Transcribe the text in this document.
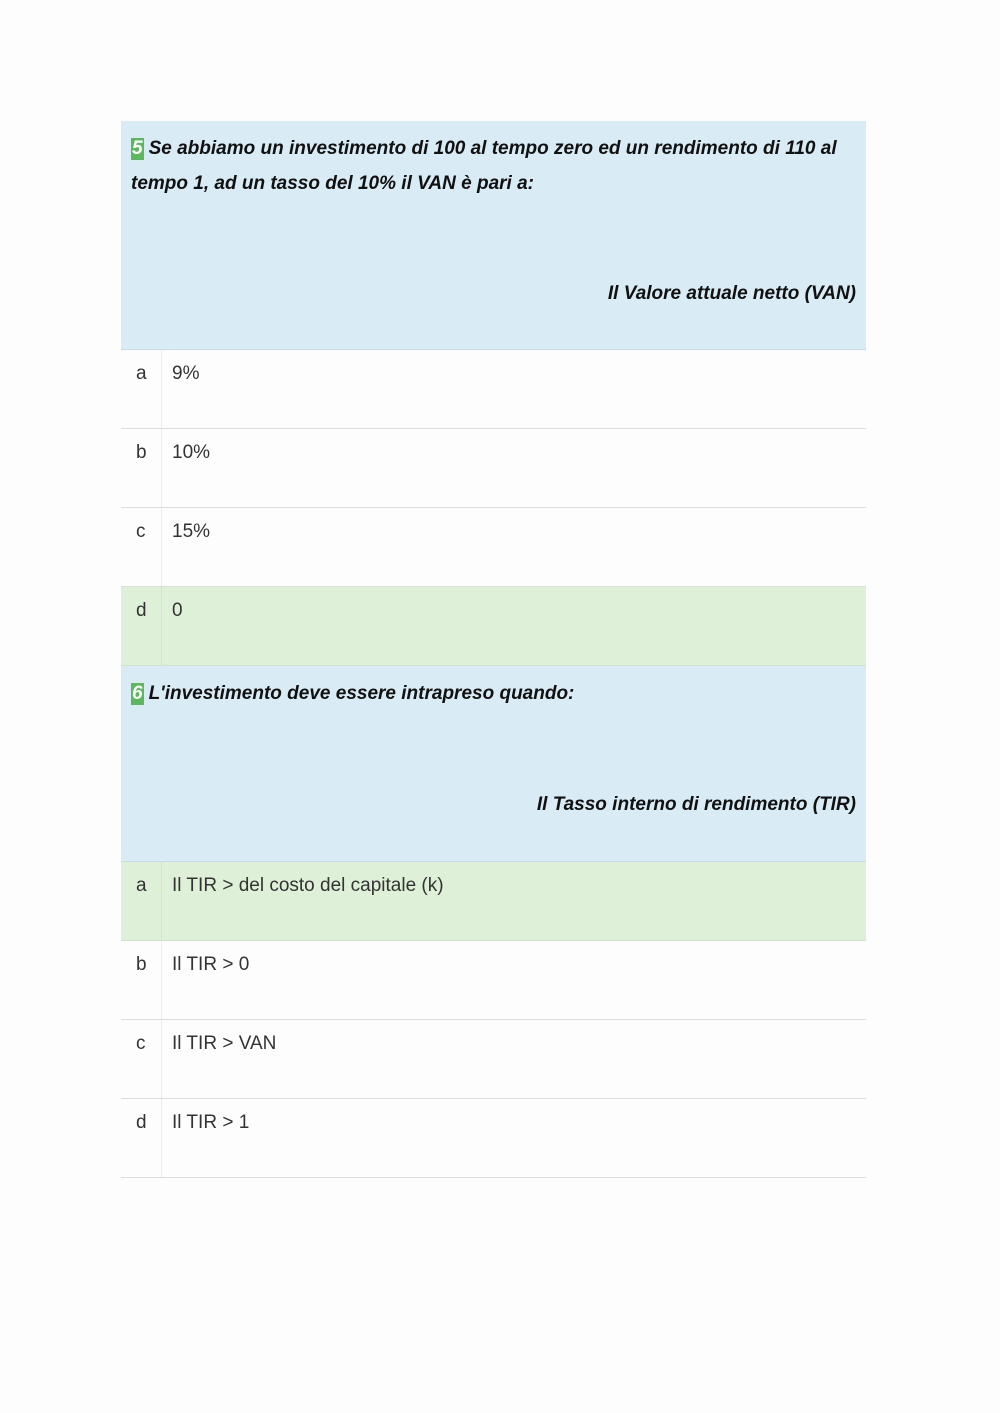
5 Se abbiamo un investimento di 100 al tempo zero ed un rendimento di 110 al tempo 1, ad un tasso del 10% il VAN è pari a:

Il Valore attuale netto (VAN)

a	9%
b	10%
c	15%
d	0

6 L'investimento deve essere intrapreso quando:

Il Tasso interno di rendimento (TIR)

a	Il TIR > del costo del capitale (k)
b	Il TIR > 0
c	Il TIR > VAN
d	Il TIR > 1
